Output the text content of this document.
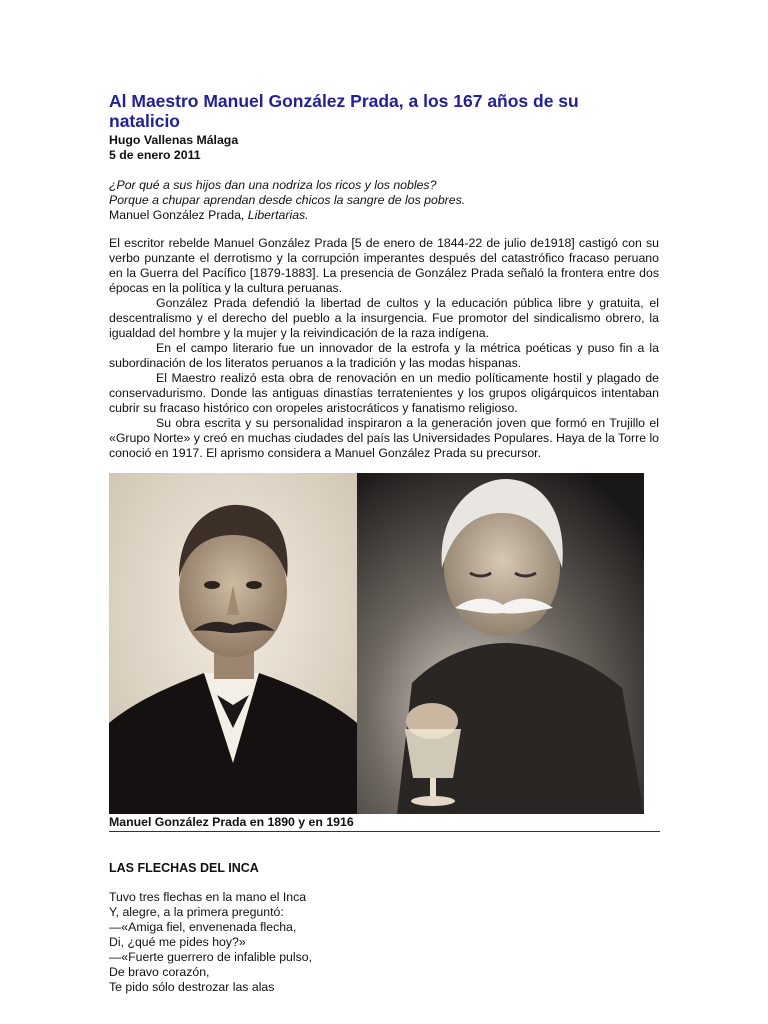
Al Maestro Manuel González Prada, a los 167 años de su natalicio
Hugo Vallenas Málaga
5 de enero 2011
¿Por qué a sus hijos dan una nodriza los ricos y los nobles?
Porque a chupar aprendan desde chicos la sangre de los pobres.
Manuel González Prada, Libertarias.

El escritor rebelde Manuel González Prada [5 de enero de 1844-22 de julio de1918] castigó con su verbo punzante el derrotismo y la corrupción imperantes después del catastrófico fracaso peruano en la Guerra del Pacífico [1879-1883]. La presencia de González Prada señaló la frontera entre dos épocas en la política y la cultura peruanas.

González Prada defendió la libertad de cultos y la educación pública libre y gratuita, el descentralismo y el derecho del pueblo a la insurgencia. Fue promotor del sindicalismo obrero, la igualdad del hombre y la mujer y la reivindicación de la raza indígena.

En el campo literario fue un innovador de la estrofa y la métrica poéticas y puso fin a la subordinación de los literatos peruanos a la tradición y las modas hispanas.

El Maestro realizó esta obra de renovación en un medio políticamente hostil y plagado de conservadurismo. Donde las antiguas dinastías terratenientes y los grupos oligárquicos intentaban cubrir su fracaso histórico con oropeles aristocráticos y fanatismo religioso.

Su obra escrita y su personalidad inspiraron a la generación joven que formó en Trujillo el «Grupo Norte» y creó en muchas ciudades del país las Universidades Populares. Haya de la Torre lo conoció en 1917. El aprismo considera a Manuel González Prada su precursor.

Manuel González Prada en 1890 y en 1916
LAS FLECHAS DEL INCA
Tuvo tres flechas en la mano el Inca
Y, alegre, a la primera preguntó:
—«Amiga fiel, envenenada flecha,
Di, ¿qué me pides hoy?»
—«Fuerte guerrero de infalible pulso,
De bravo corazón,
Te pido sólo destrozar las alas
